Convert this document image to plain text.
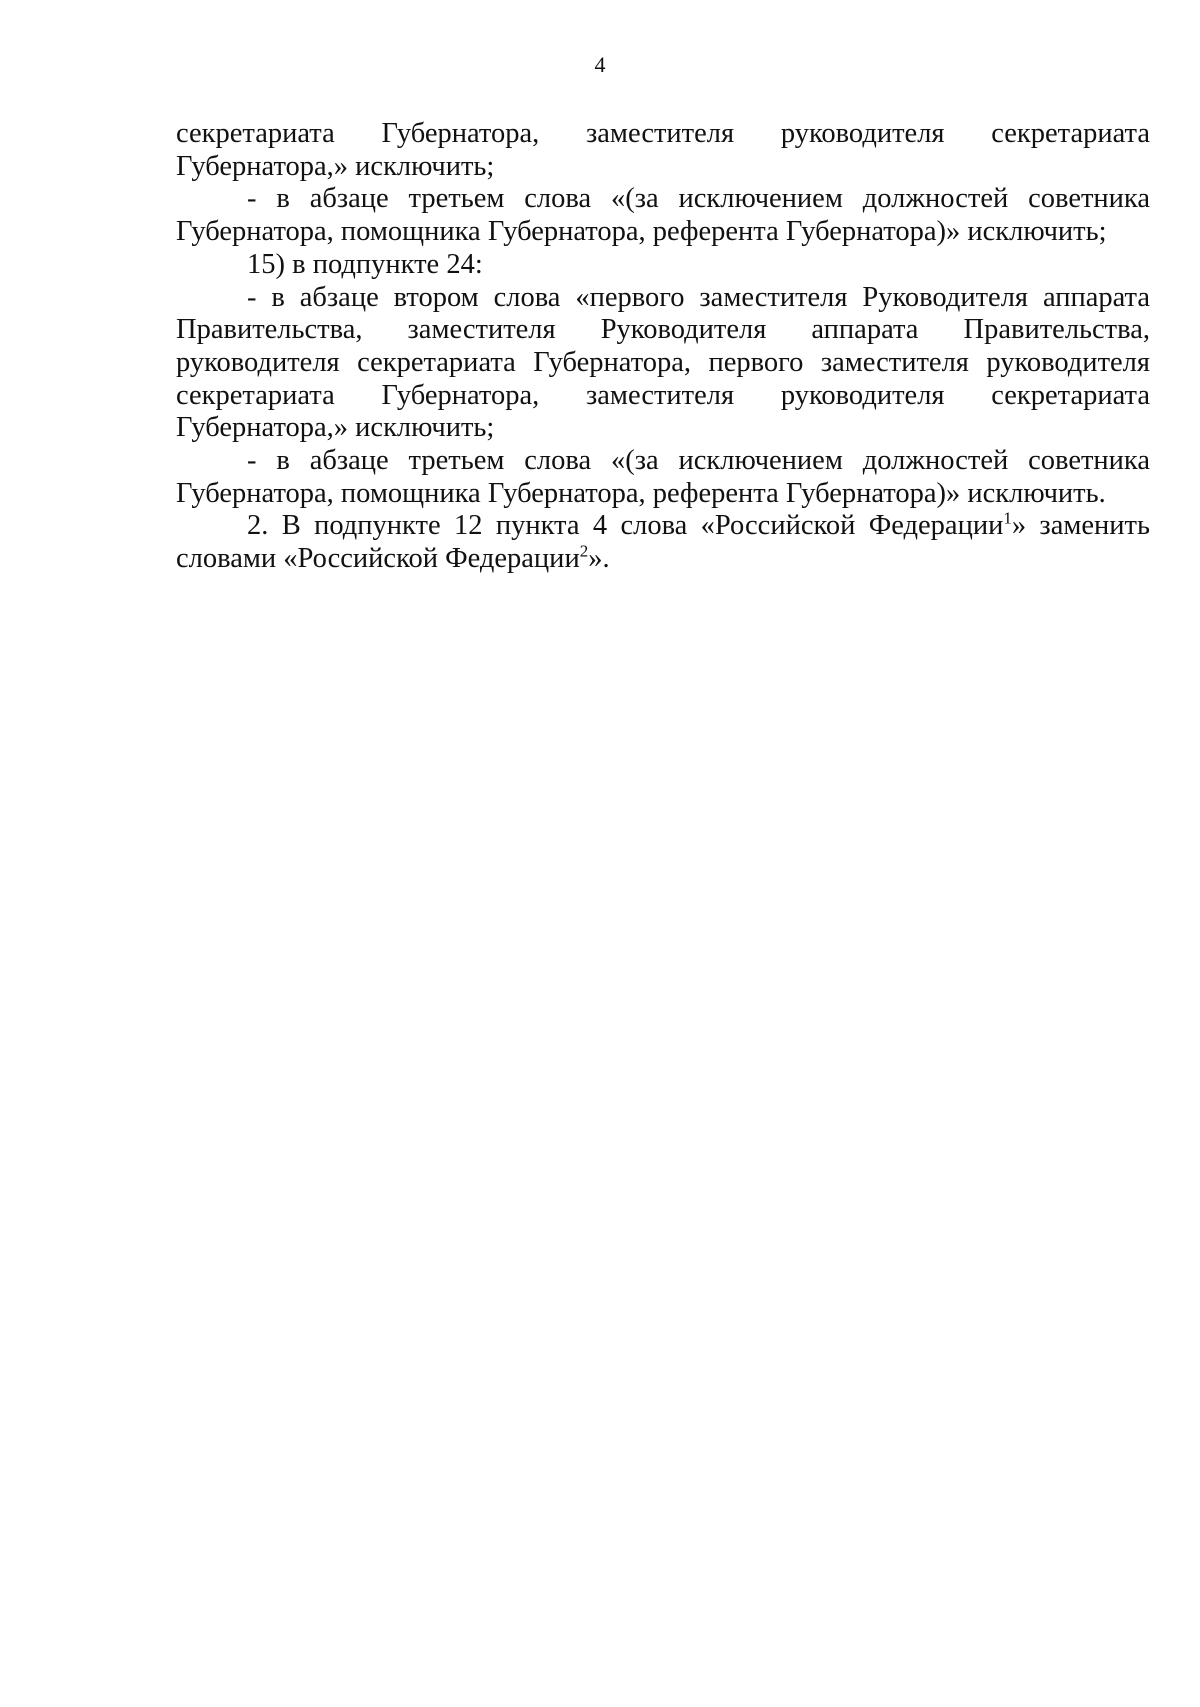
4

секретариата Губернатора, заместителя руководителя секретариата Губернатора,» исключить;

- в абзаце третьем слова «(за исключением должностей советника Губернатора, помощника Губернатора, референта Губернатора)» исключить;

15) в подпункте 24:

- в абзаце втором слова «первого заместителя Руководителя аппарата Правительства, заместителя Руководителя аппарата Правительства, руководителя секретариата Губернатора, первого заместителя руководителя секретариата Губернатора, заместителя руководителя секретариата Губернатора,» исключить;

- в абзаце третьем слова «(за исключением должностей советника Губернатора, помощника Губернатора, референта Губернатора)» исключить.

2. В подпункте 12 пункта 4 слова «Российской Федерации$^1$» заменить словами «Российской Федерации$^2$».
